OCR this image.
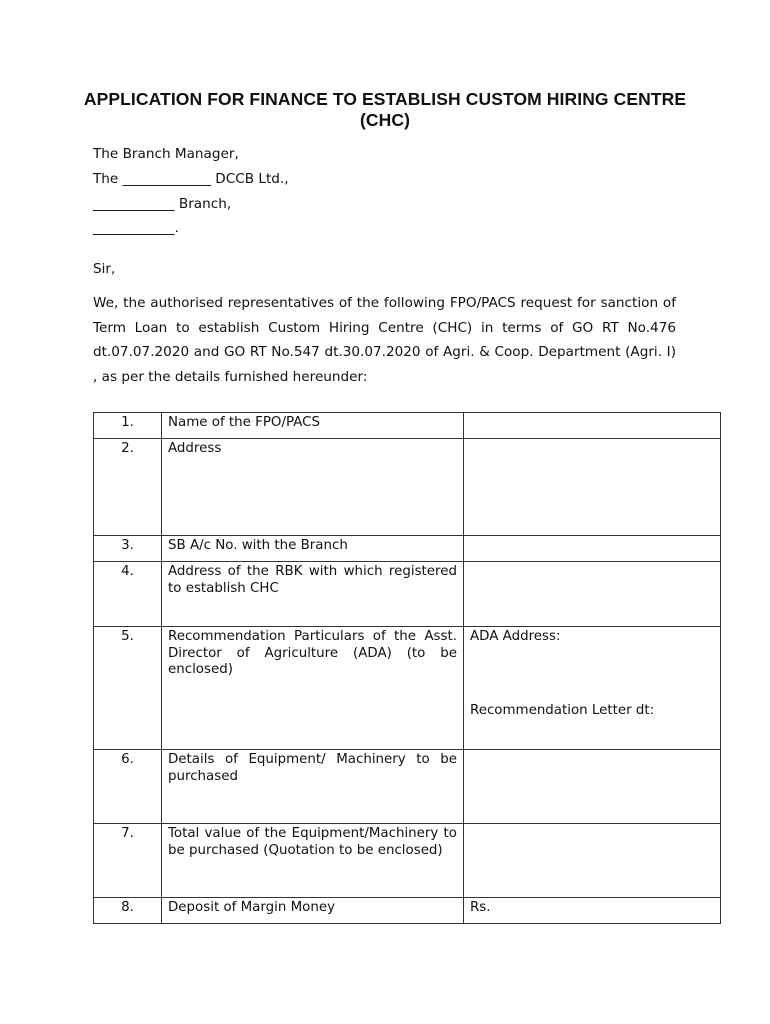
APPLICATION FOR FINANCE TO ESTABLISH CUSTOM HIRING CENTRE (CHC)
The Branch Manager,
The _____________ DCCB Ltd.,
____________ Branch,
____________.
Sir,
We, the authorised representatives of the following FPO/PACS request for sanction of Term Loan to establish Custom Hiring Centre (CHC) in terms of GO RT No.476 dt.07.07.2020 and GO RT No.547 dt.30.07.2020 of Agri. & Coop. Department (Agri. I) , as per the details furnished hereunder:
1.	Name of the FPO/PACS	
2.	Address	
3.	SB A/c No. with the Branch	
4.	Address of the RBK with which registered to establish CHC	
5.	Recommendation Particulars of the Asst. Director of Agriculture (ADA) (to be enclosed)	ADA Address:
Recommendation Letter dt:

6.	Details of Equipment/ Machinery to be purchased	
7.	Total value of the Equipment/Machinery to be purchased (Quotation to be enclosed)	
8.	Deposit of Margin Money	Rs.
